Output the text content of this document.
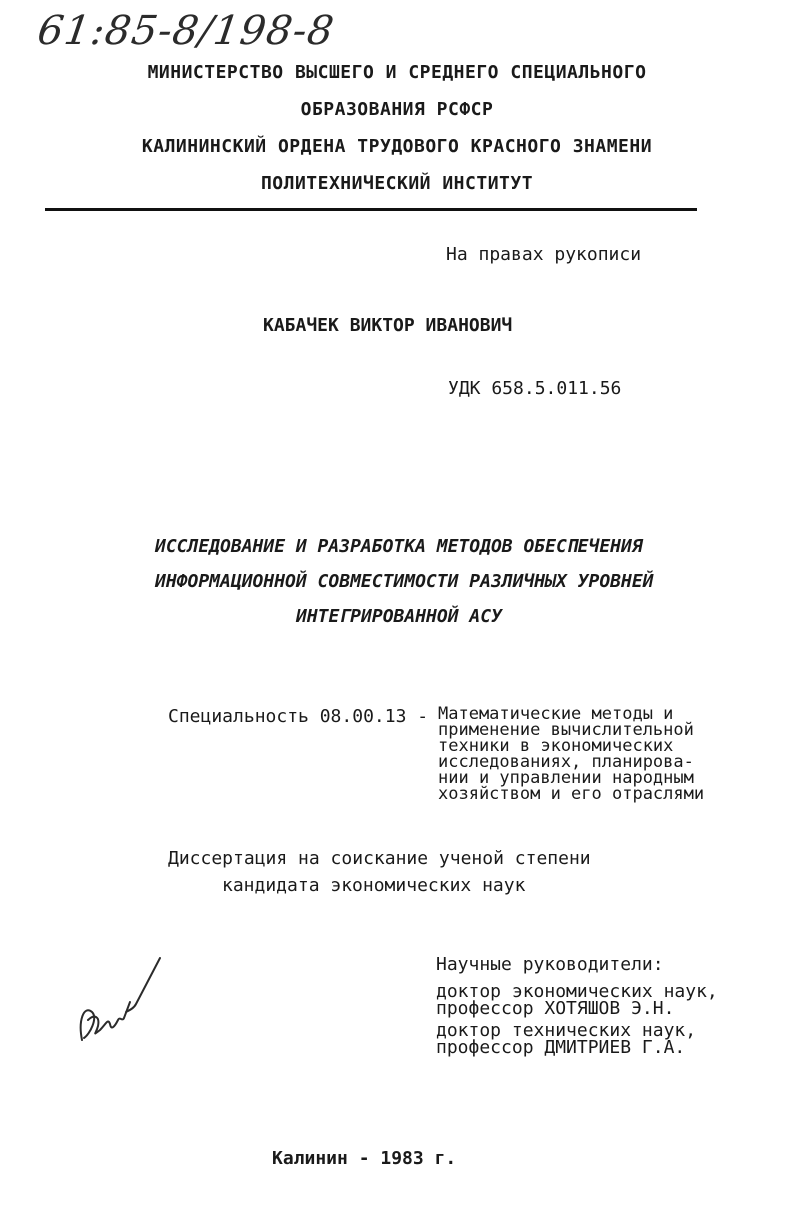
61:85-8/198-8
МИНИСТЕРСТВО ВЫСШЕГО И СРЕДНЕГО СПЕЦИАЛЬНОГО
ОБРАЗОВАНИЯ РСФСР
КАЛИНИНСКИЙ ОРДЕНА ТРУДОВОГО КРАСНОГО ЗНАМЕНИ
ПОЛИТЕХНИЧЕСКИЙ ИНСТИТУТ
На правах рукописи
КАБАЧЕК ВИКТОР ИВАНОВИЧ
УДК 658.5.011.56
ИССЛЕДОВАНИЕ И РАЗРАБОТКА МЕТОДОВ ОБЕСПЕЧЕНИЯ
ИНФОРМАЦИОННОЙ СОВМЕСТИМОСТИ РАЗЛИЧНЫХ УРОВНЕЙ
ИНТЕГРИРОВАННОЙ АСУ
Специальность 08.00.13 - Математические методы и
применение вычислительной
техники в экономических
исследованиях, планирова-
нии и управлении народным
хозяйством и его отраслями
Диссертация на соискание ученой степени
кандидата экономических наук
Научные руководители:
доктор экономических наук,
профессор ХОТЯШОВ Э.Н.
доктор технических наук,
профессор ДМИТРИЕВ Г.А.
Калинин - 1983 г.
